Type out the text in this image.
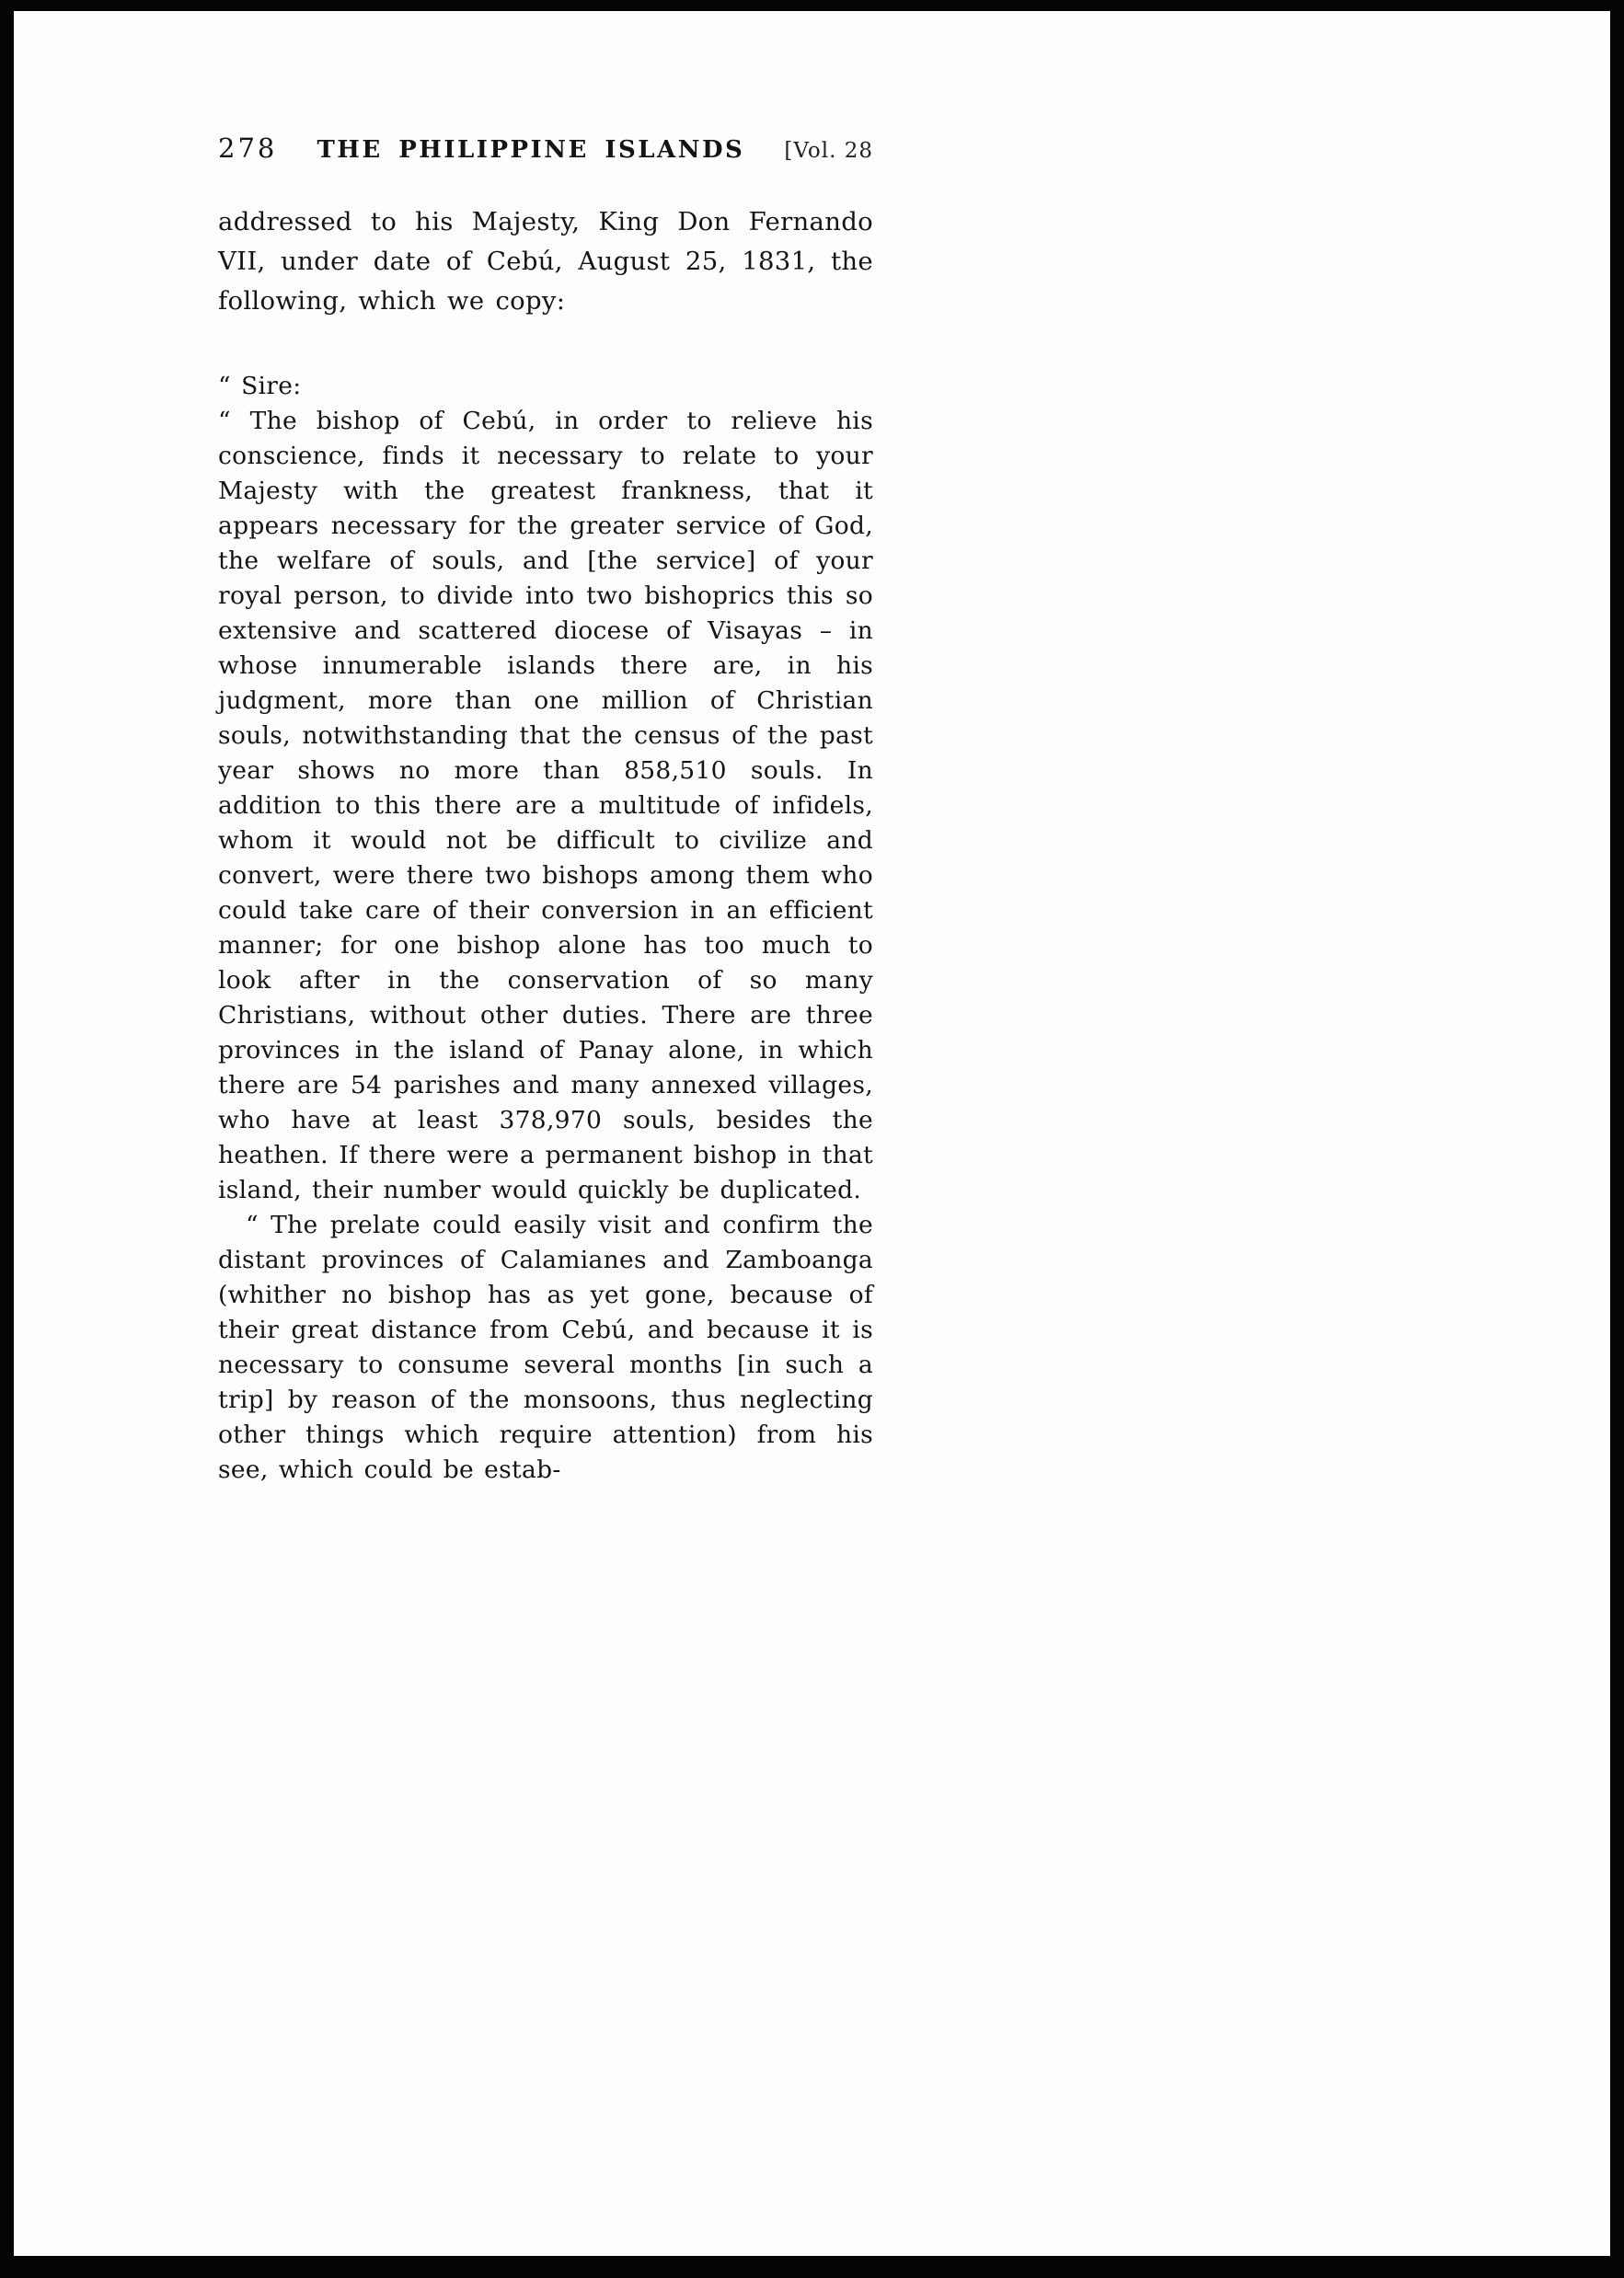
278 THE PHILIPPINE ISLANDS [Vol. 28

addressed to his Majesty, King Don Fernando VII, under date of Cebú, August 25, 1831, the following, which we copy:

“ Sire:

“ The bishop of Cebú, in order to relieve his conscience, finds it necessary to relate to your Majesty with the greatest frankness, that it appears necessary for the greater service of God, the welfare of souls, and [the service] of your royal person, to divide into two bishoprics this so extensive and scattered diocese of Visayas – in whose innumerable islands there are, in his judgment, more than one million of Christian souls, notwithstanding that the census of the past year shows no more than 858,510 souls. In addition to this there are a multitude of infidels, whom it would not be difficult to civilize and convert, were there two bishops among them who could take care of their conversion in an efficient manner; for one bishop alone has too much to look after in the conservation of so many Christians, without other duties. There are three provinces in the island of Panay alone, in which there are 54 parishes and many annexed villages, who have at least 378,970 souls, besides the heathen. If there were a permanent bishop in that island, their number would quickly be duplicated.

“ The prelate could easily visit and confirm the distant provinces of Calamianes and Zamboanga (whither no bishop has as yet gone, because of their great distance from Cebú, and because it is necessary to consume several months [in such a trip] by reason of the monsoons, thus neglecting other things which require attention) from his see, which could be estab-
